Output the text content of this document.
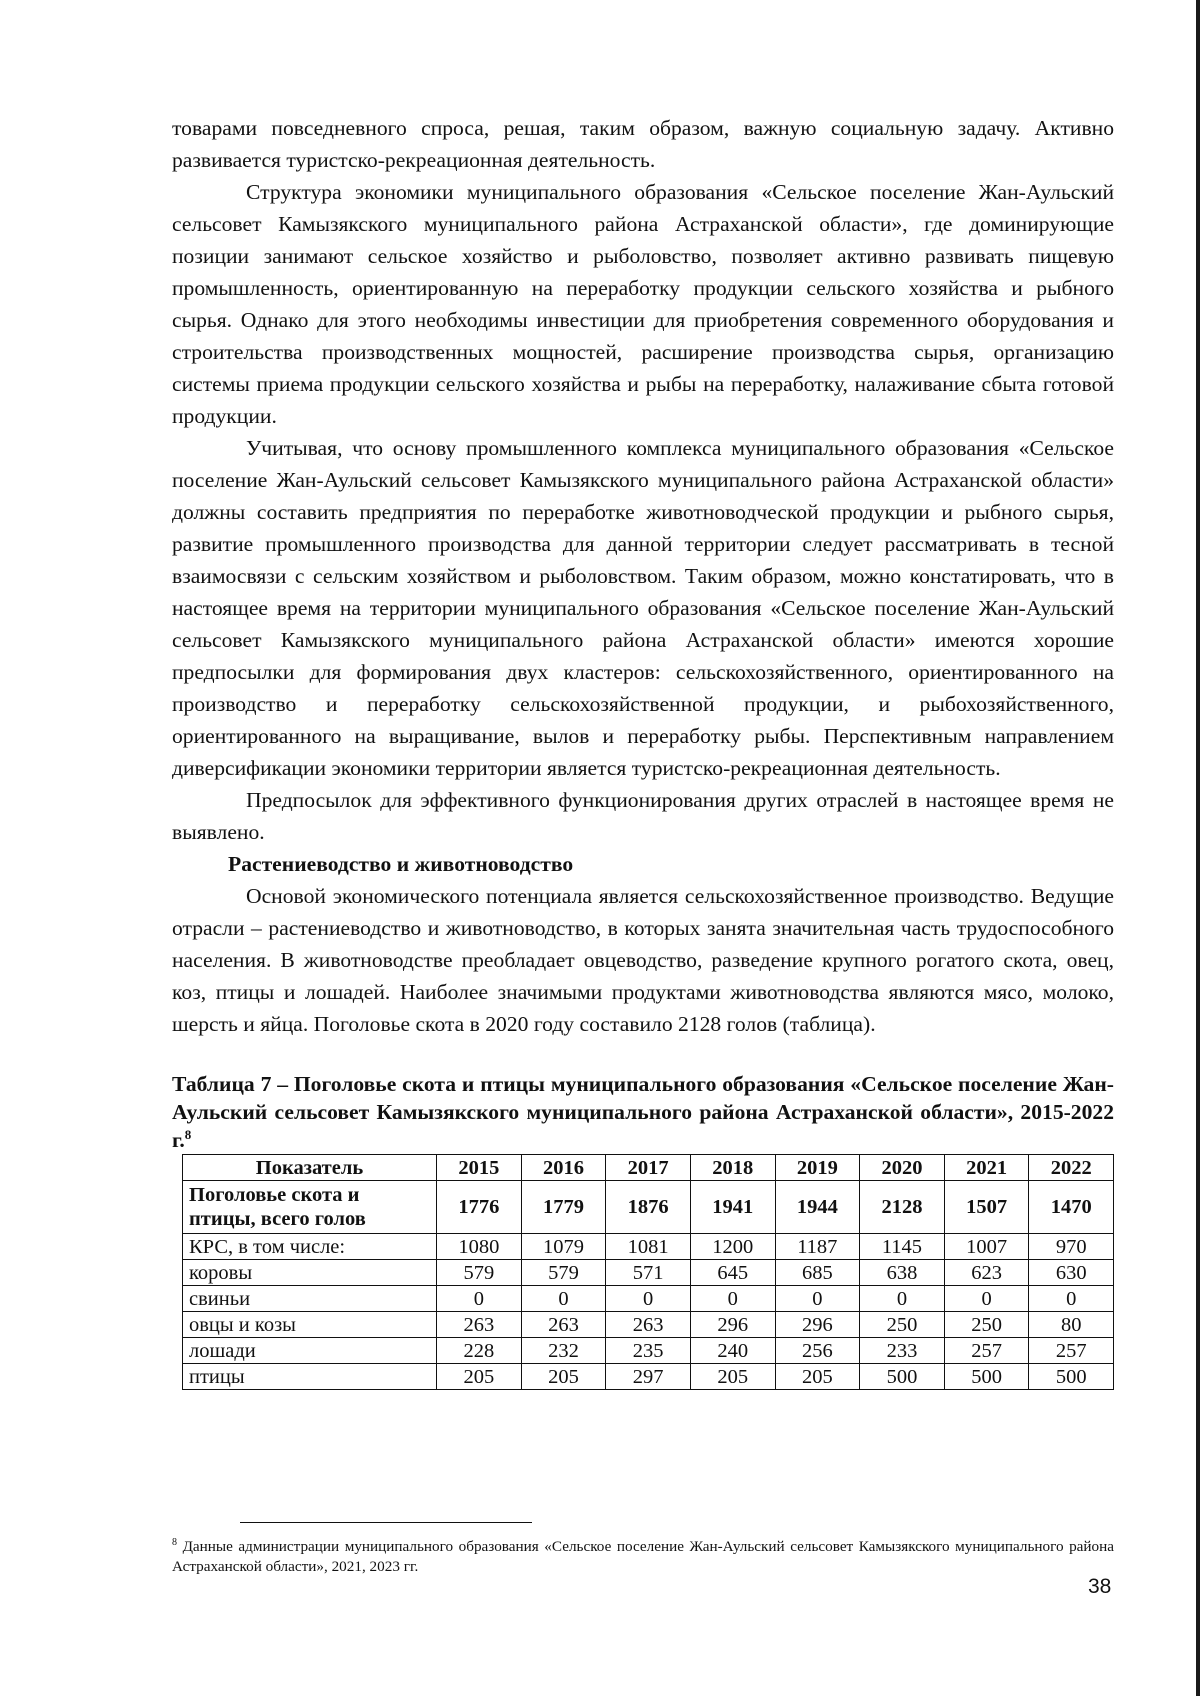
товарами повседневного спроса, решая, таким образом, важную социальную задачу. Активно развивается туристско-рекреационная деятельность.

Структура экономики муниципального образования «Сельское поселение Жан-Аульский сельсовет Камызякского муниципального района Астраханской области», где доминирующие позиции занимают сельское хозяйство и рыболовство, позволяет активно развивать пищевую промышленность, ориентированную на переработку продукции сельского хозяйства и рыбного сырья. Однако для этого необходимы инвестиции для приобретения современного оборудования и строительства производственных мощностей, расширение производства сырья, организацию системы приема продукции сельского хозяйства и рыбы на переработку, налаживание сбыта готовой продукции.

Учитывая, что основу промышленного комплекса муниципального образования «Сельское поселение Жан-Аульский сельсовет Камызякского муниципального района Астраханской области» должны составить предприятия по переработке животноводческой продукции и рыбного сырья, развитие промышленного производства для данной территории следует рассматривать в тесной взаимосвязи с сельским хозяйством и рыболовством. Таким образом, можно констатировать, что в настоящее время на территории муниципального образования «Сельское поселение Жан-Аульский сельсовет Камызякского муниципального района Астраханской области» имеются хорошие предпосылки для формирования двух кластеров: сельскохозяйственного, ориентированного на производство и переработку сельскохозяйственной продукции, и рыбохозяйственного, ориентированного на выращивание, вылов и переработку рыбы. Перспективным направлением диверсификации экономики территории является туристско-рекреационная деятельность.

Предпосылок для эффективного функционирования других отраслей в настоящее время не выявлено.

Растениеводство и животноводство

Основой экономического потенциала является сельскохозяйственное производство. Ведущие отрасли – растениеводство и животноводство, в которых занята значительная часть трудоспособного населения. В животноводстве преобладает овцеводство, разведение крупного рогатого скота, овец, коз, птицы и лошадей. Наиболее значимыми продуктами животноводства являются мясо, молоко, шерсть и яйца. Поголовье скота в 2020 году составило 2128 голов (таблица).

Таблица 7 – Поголовье скота и птицы муниципального образования «Сельское поселение Жан-Аульский сельсовет Камызякского муниципального района Астраханской области», 2015-2022 г.$^8$

Показатель	2015	2016	2017	2018	2019	2020	2021	2022
Поголовье скота и птицы, всего голов	1776	1779	1876	1941	1944	2128	1507	1470
КРС, в том числе:	1080	1079	1081	1200	1187	1145	1007	970
коровы	579	579	571	645	685	638	623	630
свиньи	0	0	0	0	0	0	0	0
овцы и козы	263	263	263	296	296	250	250	80
лошади	228	232	235	240	256	233	257	257
птицы	205	205	297	205	205	500	500	500

$^8$ Данные администрации муниципального образования «Сельское поселение Жан-Аульский сельсовет Камызякского муниципального района Астраханской области», 2021, 2023 гг.

38
